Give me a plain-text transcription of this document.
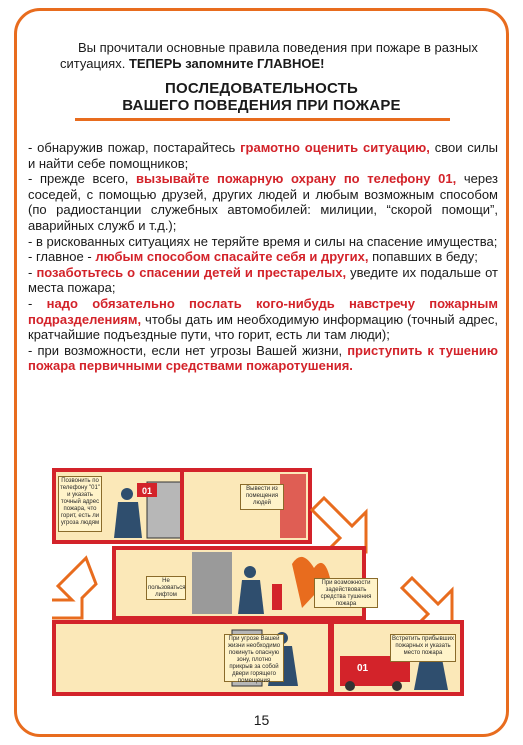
Вы прочитали основные правила поведения при пожаре в разных ситуациях. ТЕПЕРЬ запомните ГЛАВНОЕ!
ПОСЛЕДОВАТЕЛЬНОСТЬ
ВАШЕГО ПОВЕДЕНИЯ ПРИ ПОЖАРЕ

- обнаружив пожар, постарайтесь грамотно оценить ситуацию, свои силы и найти себе помощников;

- прежде всего, вызывайте пожарную охрану по телефону 01, через соседей, с помощью друзей, других людей и любым возможным способом (по радиостанции служебных автомобилей: милиции, “скорой помощи”, аварийных служб и т.д.);

- в рискованных ситуациях не теряйте время и силы на спасение имущества;

- главное - любым способом спасайте себя и других, попавших в беду;

- позаботьтесь о спасении детей и престарелых, уведите их подальше от места пожара;

- надо обязательно послать кого-нибудь навстречу пожарным подразделениям, чтобы дать им необходимую информацию (точный адрес, кратчайшие подъездные пути, что горит, есть ли там люди);

- при возможности, если нет угрозы Вашей жизни, приступить к тушению пожара первичными средствами пожаротушения.

01
01
Позвонить по телефону "01" и указать точный адрес пожара, что горит, есть ли угроза людям
Вывести из помещения людей
Не пользоваться лифтом
При возможности задействовать средства тушения пожара
При угрозе Вашей жизни необходимо покинуть опасную зону, плотно прикрыв за собой двери горящего помещения
Встретить прибывших пожарных и указать место пожара
15
